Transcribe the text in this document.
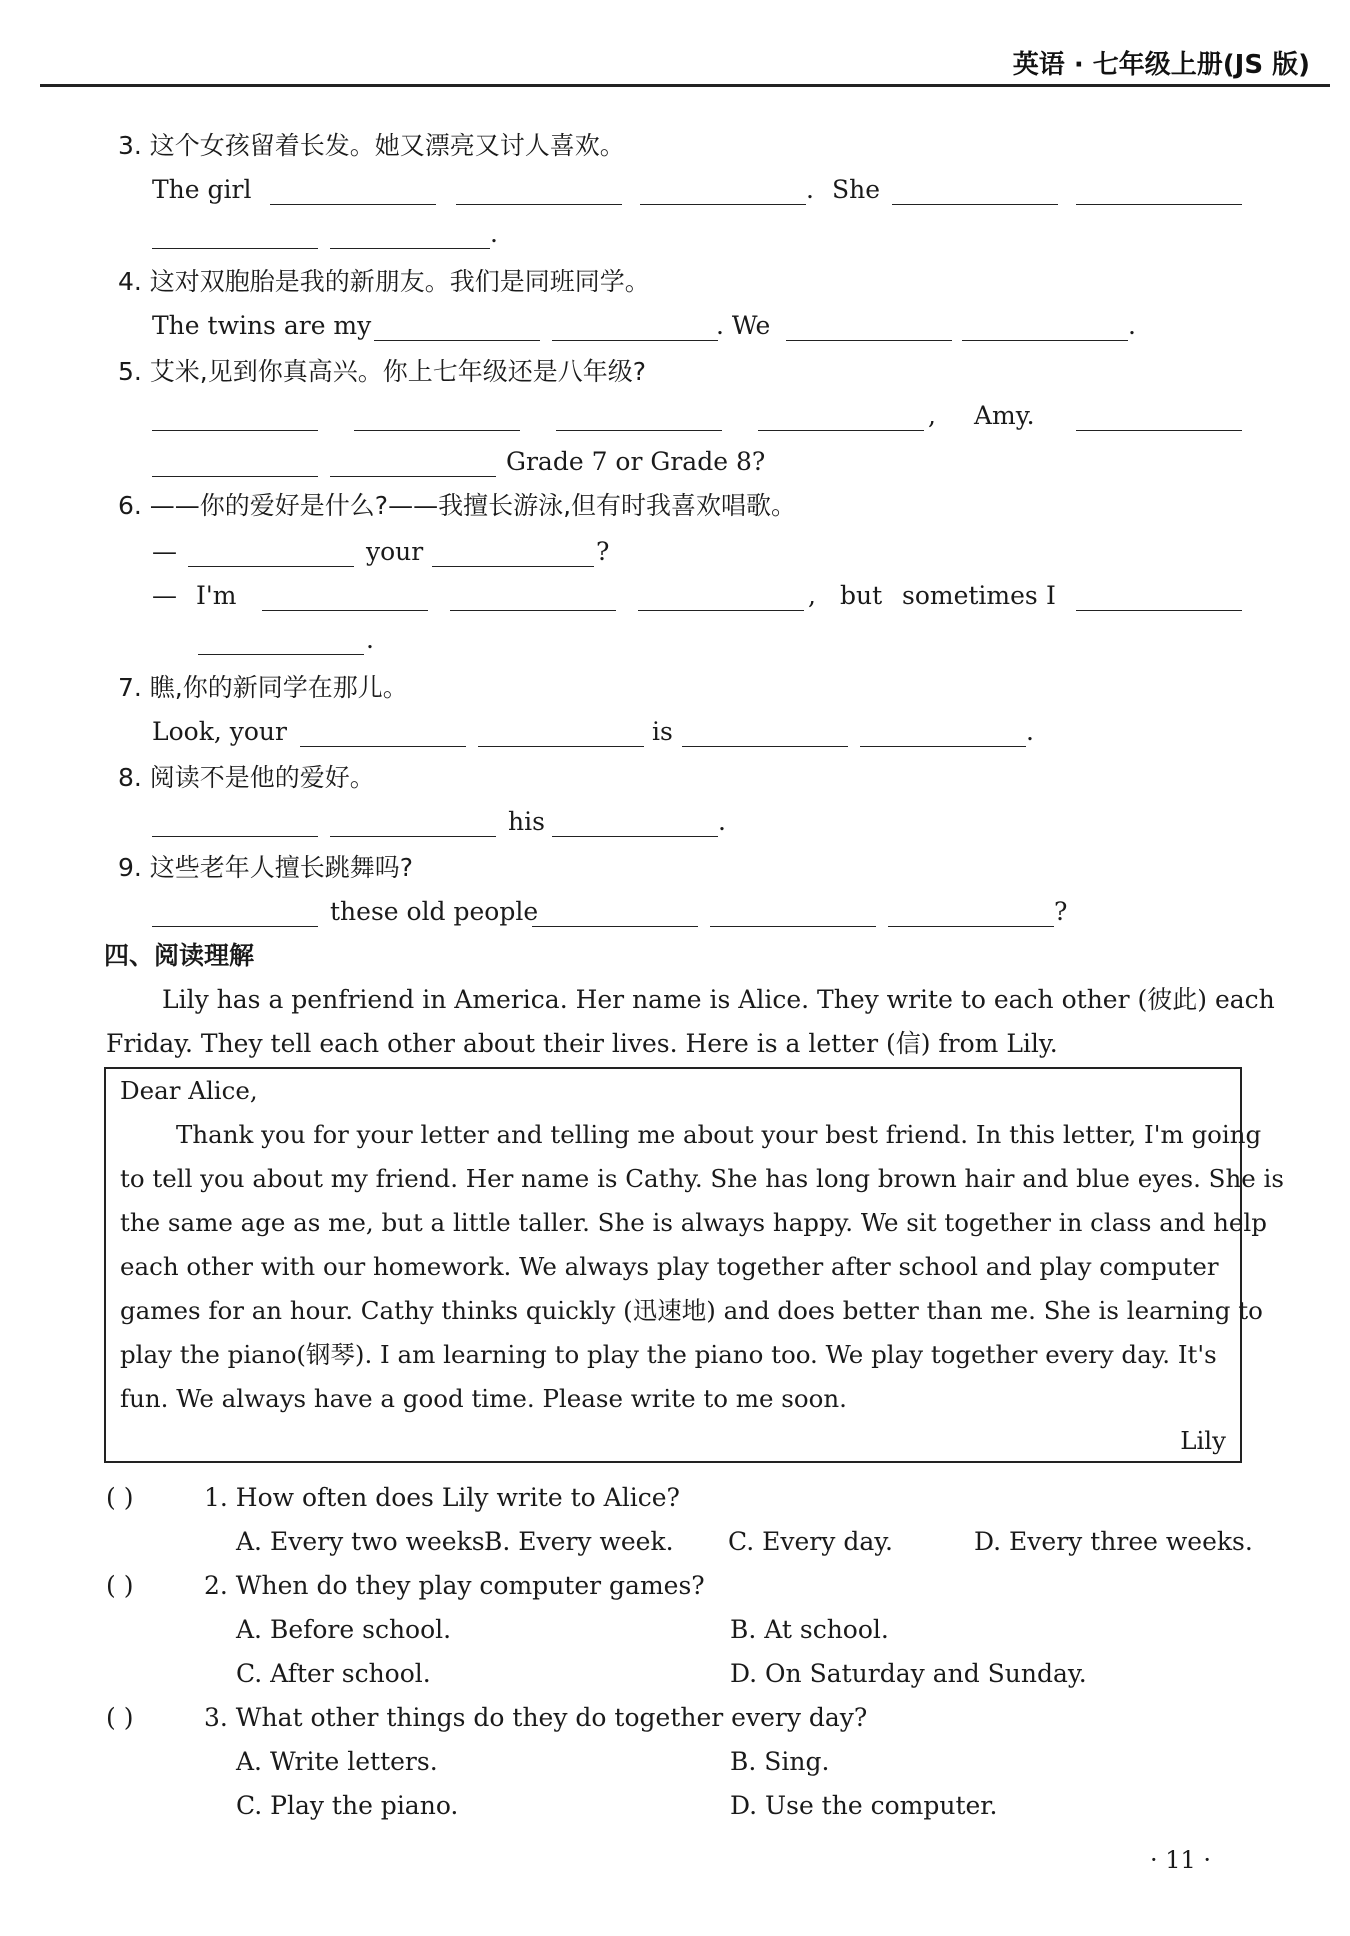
英语 · 七年级上册(JS 版)
3. 这个女孩留着长发。她又漂亮又讨人喜欢。
The girl	. She
.
4. 这对双胞胎是我的新朋友。我们是同班同学。
The twins are my	. We	.
5. 艾米,见到你真高兴。你上七年级还是八年级?
, Amy.
Grade 7 or Grade 8?
6. ——你的爱好是什么?——我擅长游泳,但有时我喜欢唱歌。
—	your	?
— I'm	, but sometimes I
.
7. 瞧,你的新同学在那儿。
Look, your	is	.
8. 阅读不是他的爱好。
his	.
9. 这些老年人擅长跳舞吗?
these old people	?
四、阅读理解
Lily has a penfriend in America. Her name is Alice. They write to each other (彼此) each
Friday. They tell each other about their lives. Here is a letter (信) from Lily.
Dear Alice,
Thank you for your letter and telling me about your best friend. In this letter, I'm going
to tell you about my friend. Her name is Cathy. She has long brown hair and blue eyes. She is
the same age as me, but a little taller. She is always happy. We sit together in class and help
each other with our homework. We always play together after school and play computer
games for an hour. Cathy thinks quickly (迅速地) and does better than me. She is learning to
play the piano(钢琴). I am learning to play the piano too. We play together every day. It's
fun. We always have a good time. Please write to me soon.
Lily
( )	1. How often does Lily write to Alice?
A. Every two weeks.
B. Every week. C. Every day.	D. Every three weeks.
( )	2. When do they play computer games?
A. Before school.	B. At school.
C. After school.	D. On Saturday and Sunday.
( )	3. What other things do they do together every day?
A. Write letters.	B. Sing.
C. Play the piano.	D. Use the computer.
· 11 ·
